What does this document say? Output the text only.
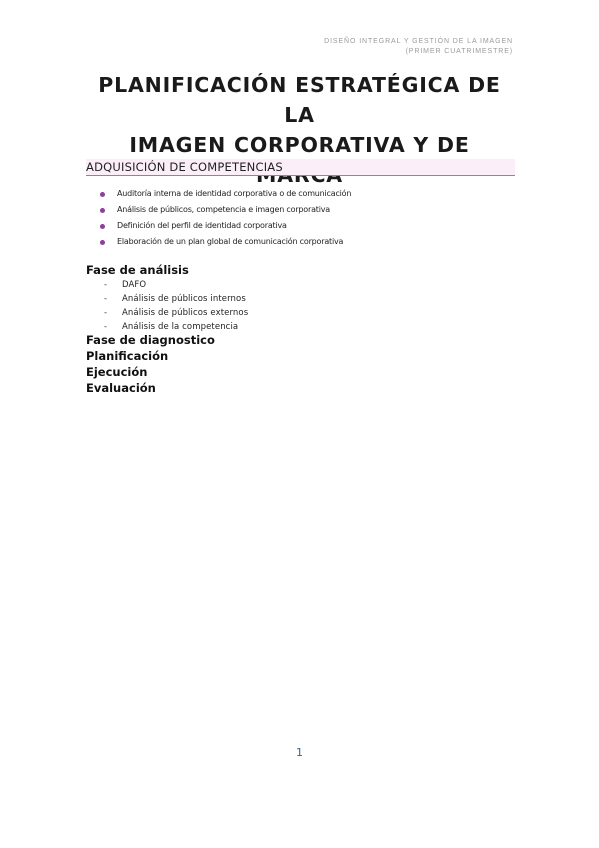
DISEÑO INTEGRAL Y GESTIÓN DE LA IMAGEN
(PRIMER CUATRIMESTRE)
PLANIFICACIÓN ESTRATÉGICA DE LA
IMAGEN CORPORATIVA Y DE
ADQUISICIÓN DE COMPETENCIAS
Auditoría interna de identidad corporativa o de comunicación
Análisis de públicos, competencia e imagen corporativa
Definición del perfil de identidad corporativa
Elaboración de un plan global de comunicación corporativa
Fase de análisis
- DAFO
- Análisis de públicos internos
- Análisis de públicos externos
- Análisis de la competencia
Fase de diagnostico
Planificación
Ejecución
Evaluación
1
